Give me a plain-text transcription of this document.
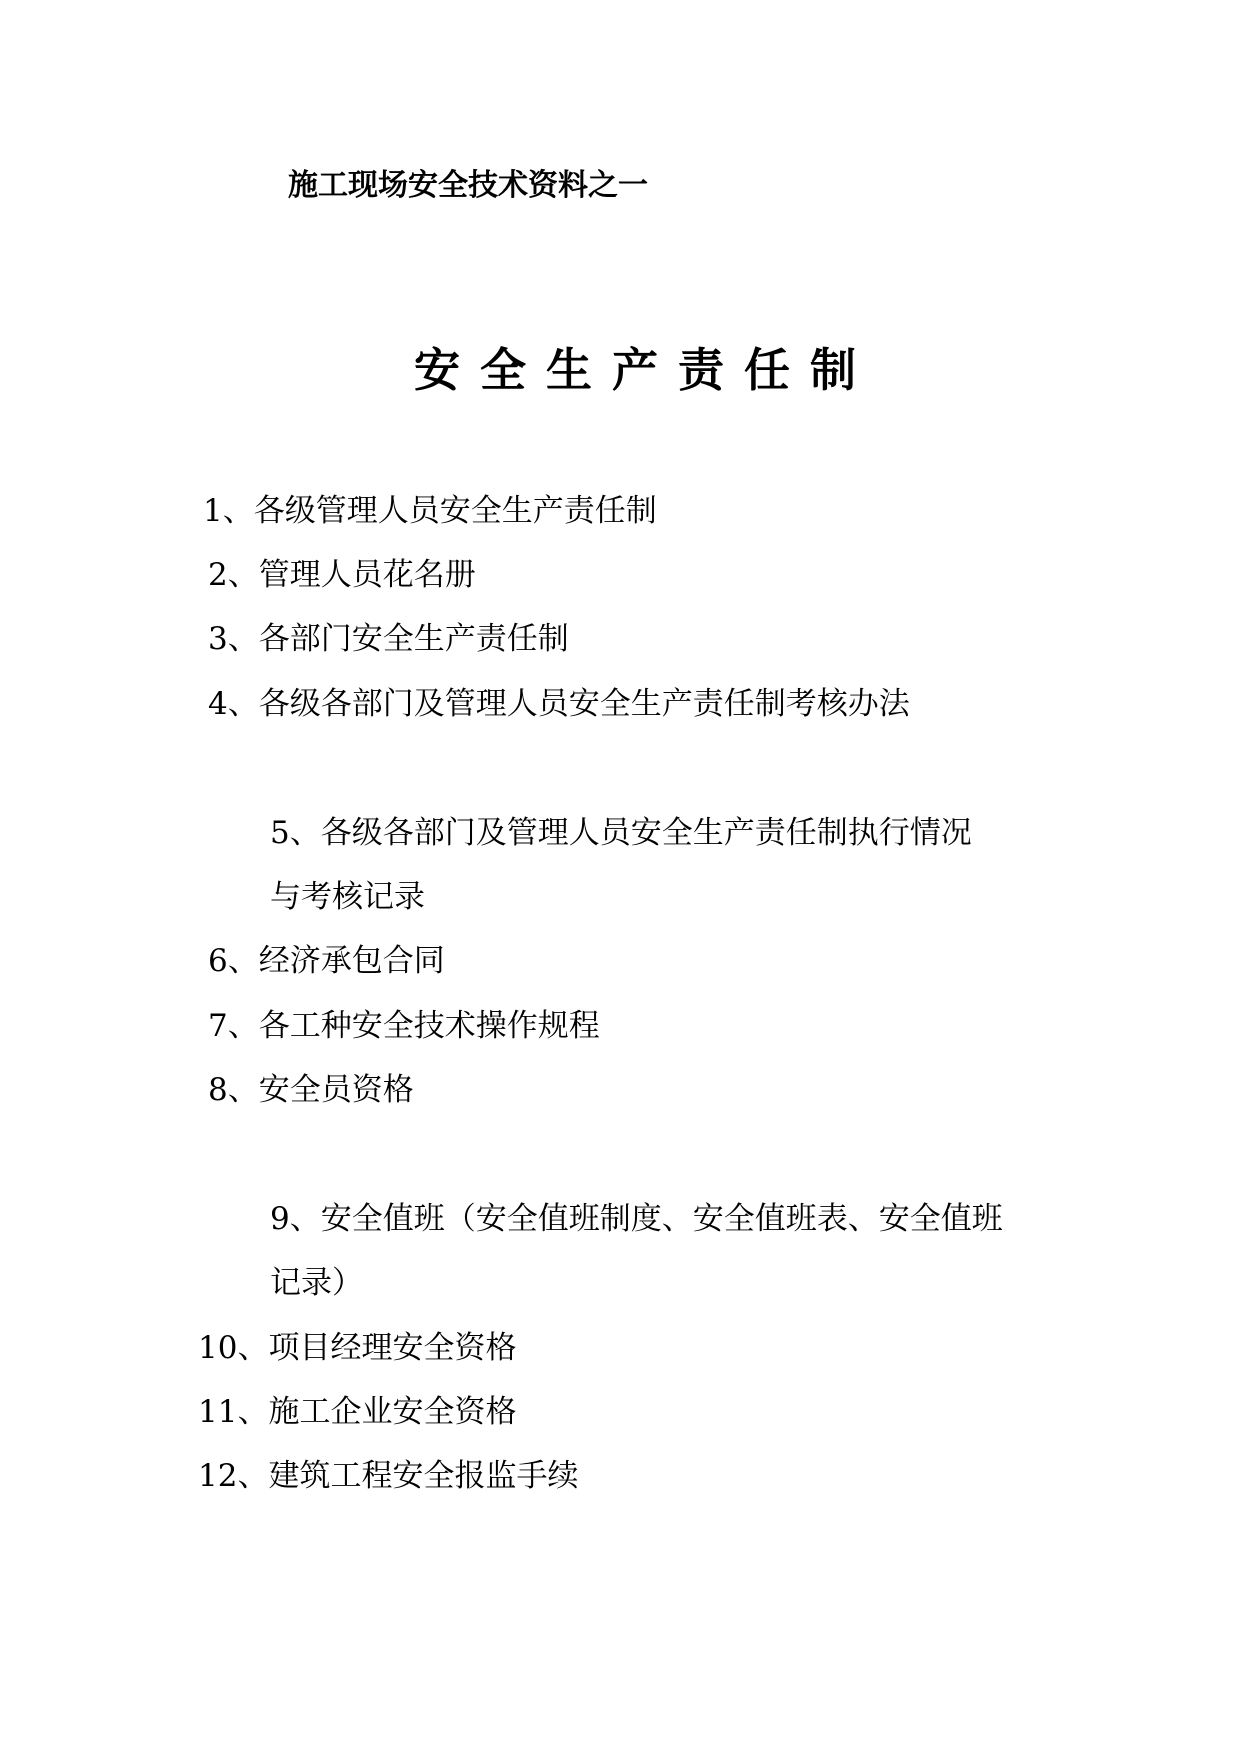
施工现场安全技术资料之一
安全生产责任制
1、各级管理人员安全生产责任制
2、管理人员花名册
3、各部门安全生产责任制
4、各级各部门及管理人员安全生产责任制考核办法
5、各级各部门及管理人员安全生产责任制执行情况
与考核记录
6、经济承包合同
7、各工种安全技术操作规程
8、安全员资格
9、安全值班（安全值班制度、安全值班表、安全值班
记录）
10、项目经理安全资格
11、施工企业安全资格
12、建筑工程安全报监手续
